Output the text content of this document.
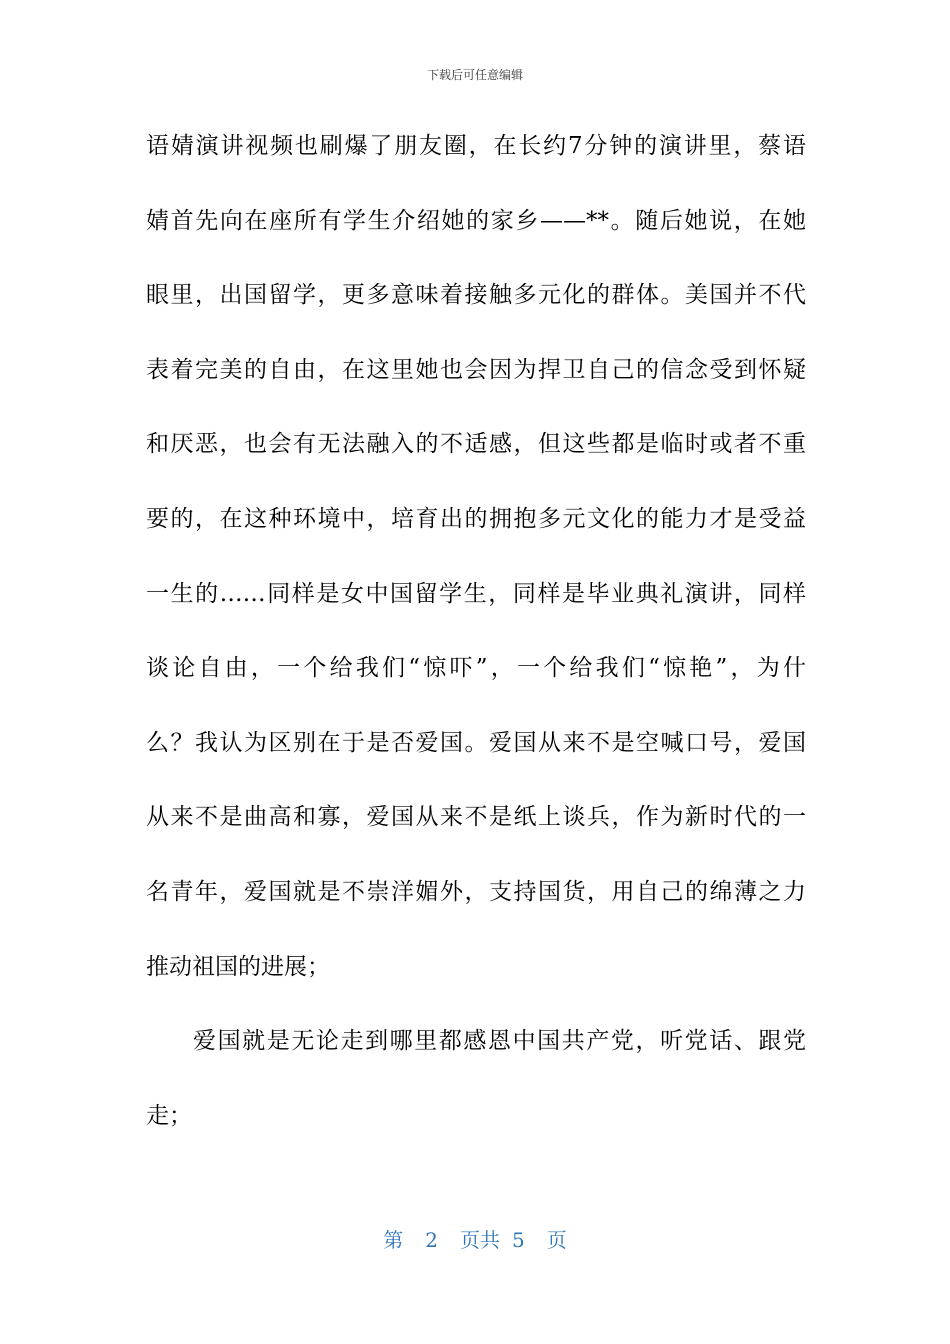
下载后可任意编辑
语婧演讲视频也刷爆了朋友圈，在长约7分钟的演讲里，蔡语
婧首先向在座所有学生介绍她的家乡——**。随后她说，在她
眼里，出国留学，更多意味着接触多元化的群体。美国并不代
表着完美的自由，在这里她也会因为捍卫自己的信念受到怀疑
和厌恶，也会有无法融入的不适感，但这些都是临时或者不重
要的，在这种环境中，培育出的拥抱多元文化的能力才是受益
一生的……同样是女中国留学生，同样是毕业典礼演讲，同样
谈论自由，一个给我们“惊吓”，一个给我们“惊艳”，为什
么？我认为区别在于是否爱国。爱国从来不是空喊口号，爱国
从来不是曲高和寡，爱国从来不是纸上谈兵，作为新时代的一
名青年，爱国就是不崇洋媚外，支持国货，用自己的绵薄之力
推动祖国的进展；
爱国就是无论走到哪里都感恩中国共产党，听党话、跟党
走；
第 2 页共 5 页
